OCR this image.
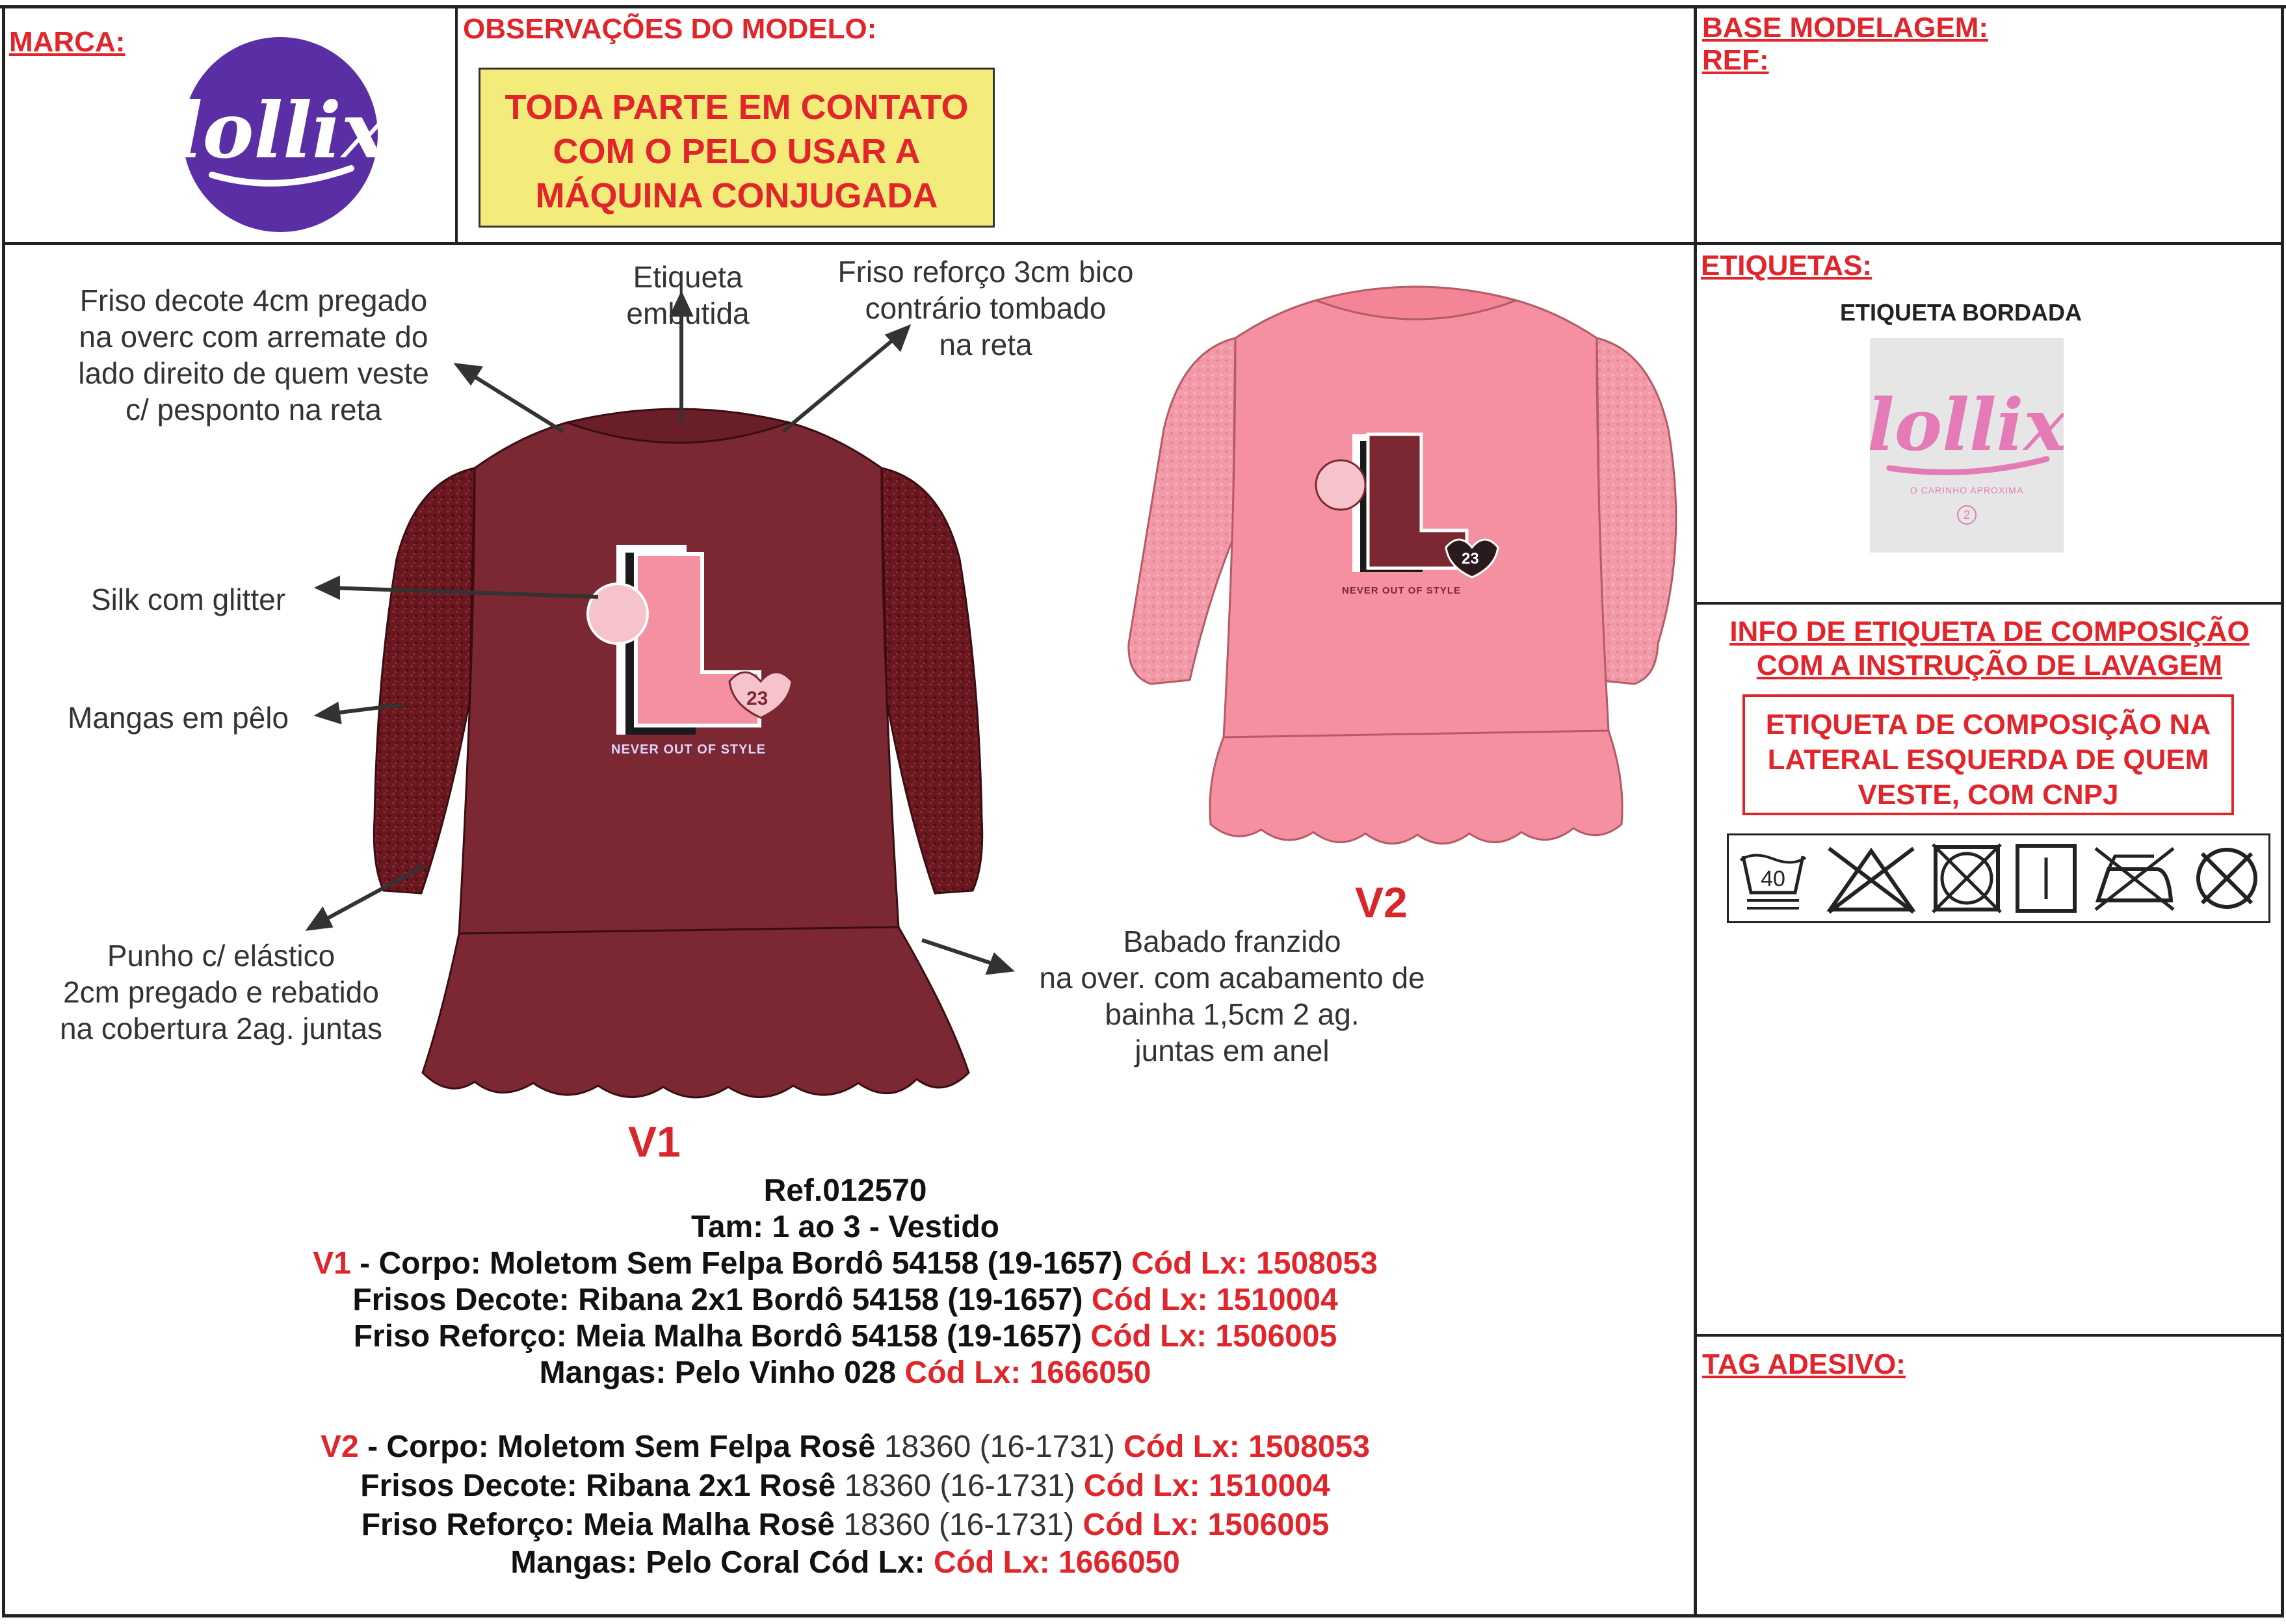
MARCA:
lollix
OBSERVAÇÕES DO MODELO:
TODA PARTE EM CONTATO
COM O PELO USAR A
MÁQUINA CONJUGADA
BASE MODELAGEM:
REF:
ETIQUETAS:
ETIQUETA BORDADA
lollix
O CARINHO APROXIMA
2
INFO DE ETIQUETA DE COMPOSIÇÃO
COM A INSTRUÇÃO DE LAVAGEM
ETIQUETA DE COMPOSIÇÃO NA
LATERAL ESQUERDA DE QUEM
VESTE, COM CNPJ
40
TAG ADESIVO:
NEVER OUT OF STYLE
23
NEVER OUT OF STYLE
23
V1
V2
Friso decote 4cm pregado
na overc com arremate do
lado direito de quem veste
c/ pesponto na reta
Etiqueta
embutida
Friso reforço 3cm bico
contrário tombado
na reta
Silk com glitter
Mangas em pêlo
Punho c/ elástico
2cm pregado e rebatido
na cobertura 2ag. juntas
Babado franzido
na over. com acabamento de
bainha 1,5cm 2 ag.
juntas em anel
Ref.012570
Tam: 1 ao 3 - Vestido
V1 - Corpo: Moletom Sem Felpa Bordô 54158 (19-1657) Cód Lx: 1508053
Frisos Decote: Ribana 2x1 Bordô 54158 (19-1657) Cód Lx: 1510004
Friso Reforço: Meia Malha Bordô 54158 (19-1657) Cód Lx: 1506005
Mangas: Pelo Vinho 028 Cód Lx: 1666050
V2 - Corpo: Moletom Sem Felpa Rosê 18360 (16-1731) Cód Lx: 1508053
Frisos Decote: Ribana 2x1 Rosê 18360 (16-1731) Cód Lx: 1510004
Friso Reforço: Meia Malha Rosê 18360 (16-1731) Cód Lx: 1506005
Mangas: Pelo Coral Cód Lx: Cód Lx: 1666050
